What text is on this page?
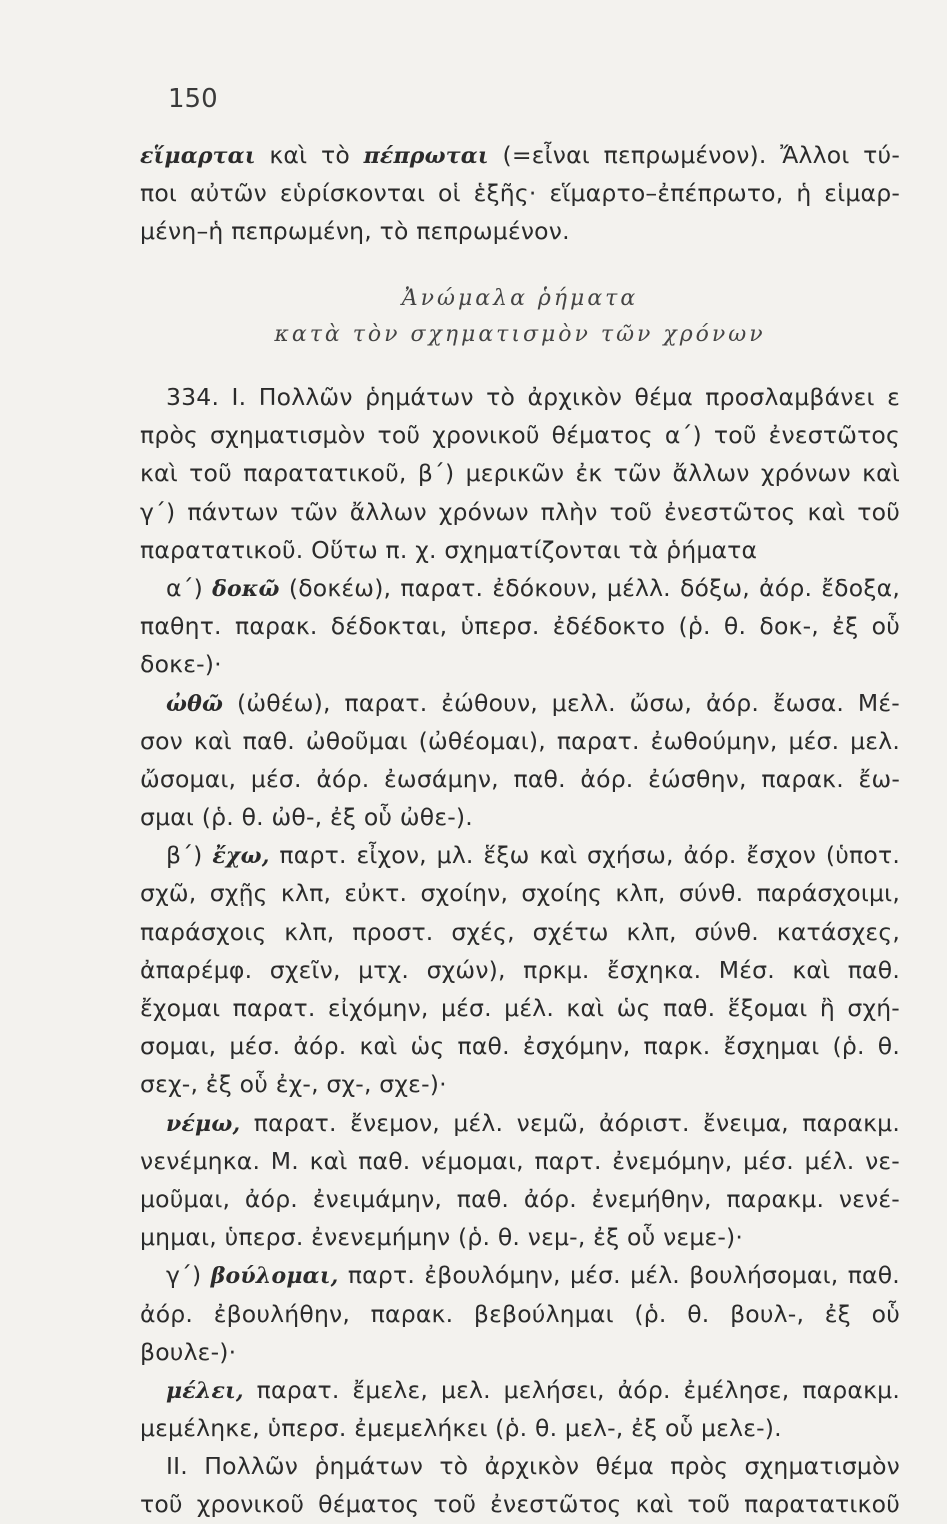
150
εἵμαρται καὶ τὸ πέπρωται (=εἶναι πεπρωμένον). Ἄλλοι τύ-
ποι αὐτῶν εὑρίσκονται οἱ ἑξῆς· εἵμαρτο–ἐπέπρωτο, ἡ εἱμαρ-
μένη–ἡ πεπρωμένη, τὸ πεπρωμένον.
Ἀνώμαλα ῥήματα
κατὰ τὸν σχηματισμὸν τῶν χρόνων
334. Ι. Πολλῶν ῥημάτων τὸ ἀρχικὸν θέμα προσλαμβάνει ε
πρὸς σχηματισμὸν τοῦ χρονικοῦ θέματος α΄) τοῦ ἐνεστῶτος
καὶ τοῦ παρατατικοῦ, β΄) μερικῶν ἐκ τῶν ἄλλων χρόνων καὶ
γ΄) πάντων τῶν ἄλλων χρόνων πλὴν τοῦ ἐνεστῶτος καὶ τοῦ
παρατατικοῦ. Οὕτω π. χ. σχηματίζονται τὰ ῥήματα
α΄) δοκῶ (δοκέω), παρατ. ἐδόκουν, μέλλ. δόξω, ἀόρ. ἔδοξα,
παθητ. παρακ. δέδοκται, ὑπερσ. ἐδέδοκτο (ῥ. θ. δοκ-, ἐξ οὗ
δοκε-)·
ὠθῶ (ὠθέω), παρατ. ἐώθουν, μελλ. ὤσω, ἀόρ. ἔωσα. Μέ-
σον καὶ παθ. ὠθοῦμαι (ὠθέομαι), παρατ. ἐωθούμην, μέσ. μελ.
ὤσομαι, μέσ. ἀόρ. ἐωσάμην, παθ. ἀόρ. ἐώσθην, παρακ. ἔω-
σμαι (ῥ. θ. ὠθ-, ἐξ οὗ ὠθε-).
β΄) ἔχω, παρτ. εἶχον, μλ. ἕξω καὶ σχήσω, ἀόρ. ἔσχον (ὑποτ.
σχῶ, σχῇς κλπ, εὐκτ. σχοίην, σχοίης κλπ, σύνθ. παράσχοιμι,
παράσχοις κλπ, προστ. σχές, σχέτω κλπ, σύνθ. κατάσχες,
ἀπαρέμφ. σχεῖν, μτχ. σχών), πρκμ. ἔσχηκα. Μέσ. καὶ παθ.
ἔχομαι παρατ. εἰχόμην, μέσ. μέλ. καὶ ὡς παθ. ἕξομαι ἢ σχή-
σομαι, μέσ. ἀόρ. καὶ ὡς παθ. ἐσχόμην, παρκ. ἔσχημαι (ῥ. θ.
σεχ-, ἐξ οὗ ἐχ-, σχ-, σχε-)·
νέμω, παρατ. ἔνεμον, μέλ. νεμῶ, ἀόριστ. ἔνειμα, παρακμ.
νενέμηκα. Μ. καὶ παθ. νέμομαι, παρτ. ἐνεμόμην, μέσ. μέλ. νε-
μοῦμαι, ἀόρ. ἐνειμάμην, παθ. ἀόρ. ἐνεμήθην, παρακμ. νενέ-
μημαι, ὑπερσ. ἐνενεμήμην (ῥ. θ. νεμ-, ἐξ οὗ νεμε-)·
γ΄) βούλομαι, παρτ. ἐβουλόμην, μέσ. μέλ. βουλήσομαι, παθ.
ἀόρ. ἐβουλήθην, παρακ. βεβούλημαι (ῥ. θ. βουλ-, ἐξ οὗ
βουλε-)·
μέλει, παρατ. ἔμελε, μελ. μελήσει, ἀόρ. ἐμέλησε, παρακμ.
μεμέληκε, ὑπερσ. ἐμεμελήκει (ῥ. θ. μελ-, ἐξ οὗ μελε-).
ΙΙ. Πολλῶν ῥημάτων τὸ ἀρχικὸν θέμα πρὸς σχηματισμὸν
τοῦ χρονικοῦ θέματος τοῦ ἐνεστῶτος καὶ τοῦ παρατατικοῦ
